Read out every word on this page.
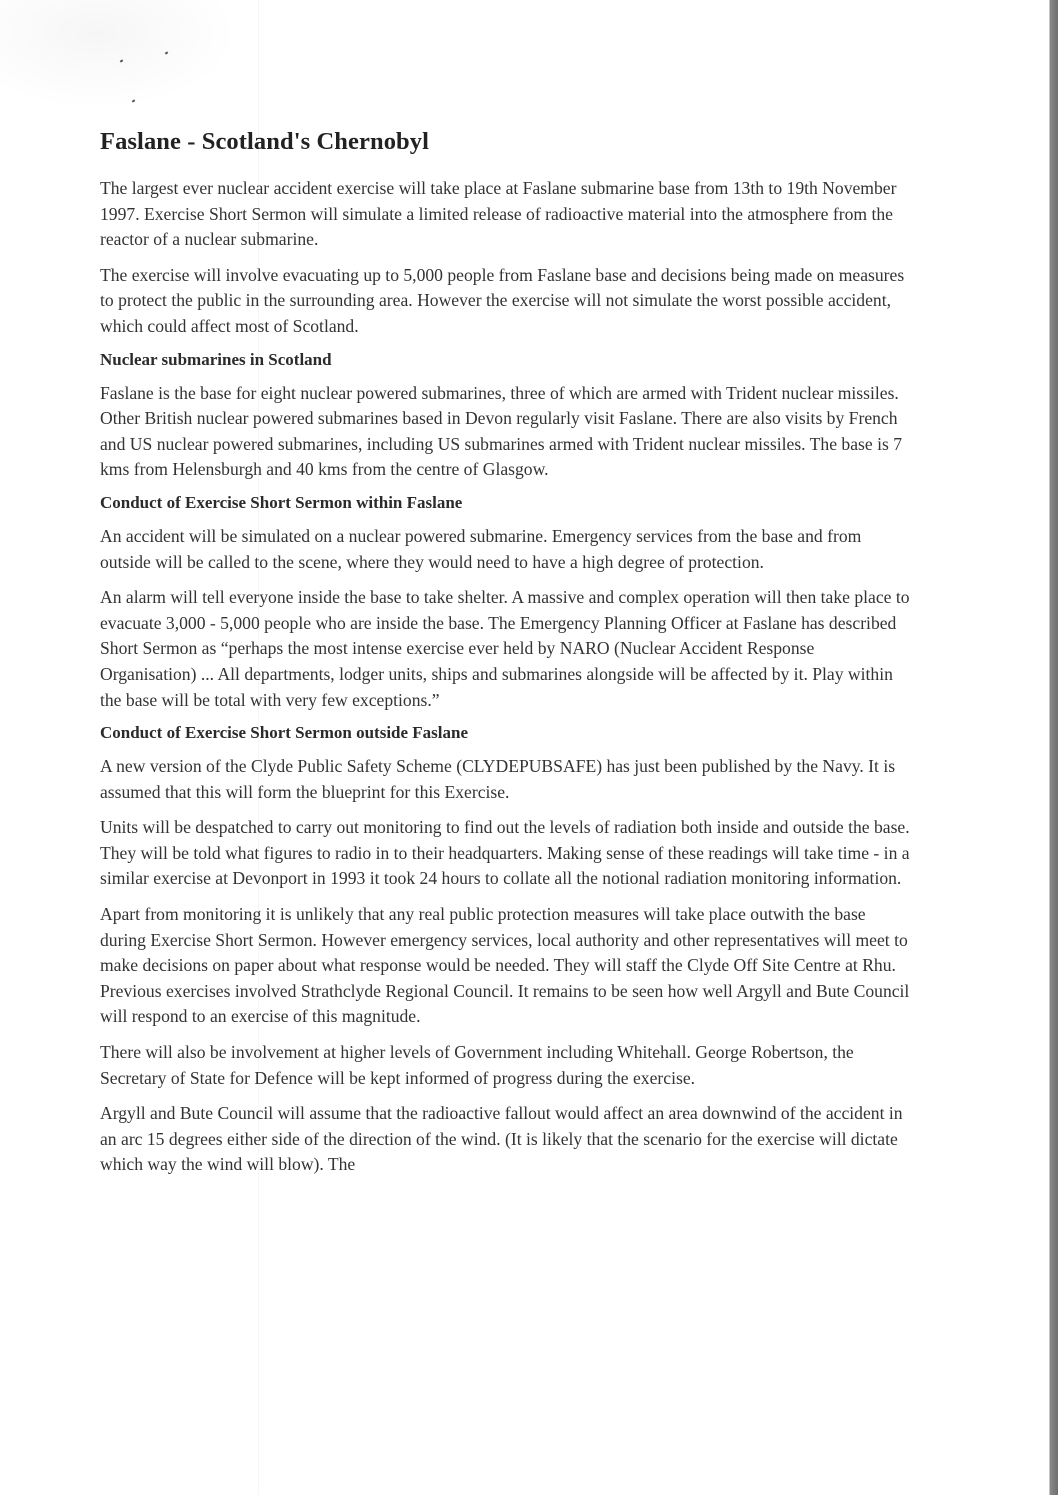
Faslane - Scotland's Chernobyl

The largest ever nuclear accident exercise will take place at Faslane submarine base from 13th to 19th November 1997. Exercise Short Sermon will simulate a limited release of radioactive material into the atmosphere from the reactor of a nuclear submarine.

The exercise will involve evacuating up to 5,000 people from Faslane base and decisions being made on measures to protect the public in the surrounding area. However the exercise will not simulate the worst possible accident, which could affect most of Scotland.

Nuclear submarines in Scotland

Faslane is the base for eight nuclear powered submarines, three of which are armed with Trident nuclear missiles. Other British nuclear powered submarines based in Devon regularly visit Faslane. There are also visits by French and US nuclear powered submarines, including US submarines armed with Trident nuclear missiles. The base is 7 kms from Helensburgh and 40 kms from the centre of Glasgow.

Conduct of Exercise Short Sermon within Faslane

An accident will be simulated on a nuclear powered submarine. Emergency services from the base and from outside will be called to the scene, where they would need to have a high degree of protection.

An alarm will tell everyone inside the base to take shelter. A massive and complex operation will then take place to evacuate 3,000 - 5,000 people who are inside the base. The Emergency Planning Officer at Faslane has described Short Sermon as “perhaps the most intense exercise ever held by NARO (Nuclear Accident Response Organisation) ... All departments, lodger units, ships and submarines alongside will be affected by it. Play within the base will be total with very few exceptions.”

Conduct of Exercise Short Sermon outside Faslane

A new version of the Clyde Public Safety Scheme (CLYDEPUBSAFE) has just been published by the Navy. It is assumed that this will form the blueprint for this Exercise.

Units will be despatched to carry out monitoring to find out the levels of radiation both inside and outside the base. They will be told what figures to radio in to their headquarters. Making sense of these readings will take time - in a similar exercise at Devonport in 1993 it took 24 hours to collate all the notional radiation monitoring information.

Apart from monitoring it is unlikely that any real public protection measures will take place outwith the base during Exercise Short Sermon. However emergency services, local authority and other representatives will meet to make decisions on paper about what response would be needed. They will staff the Clyde Off Site Centre at Rhu. Previous exercises involved Strathclyde Regional Council. It remains to be seen how well Argyll and Bute Council will respond to an exercise of this magnitude.

There will also be involvement at higher levels of Government including Whitehall. George Robertson, the Secretary of State for Defence will be kept informed of progress during the exercise.

Argyll and Bute Council will assume that the radioactive fallout would affect an area downwind of the accident in an arc 15 degrees either side of the direction of the wind. (It is likely that the scenario for the exercise will dictate which way the wind will blow). The
